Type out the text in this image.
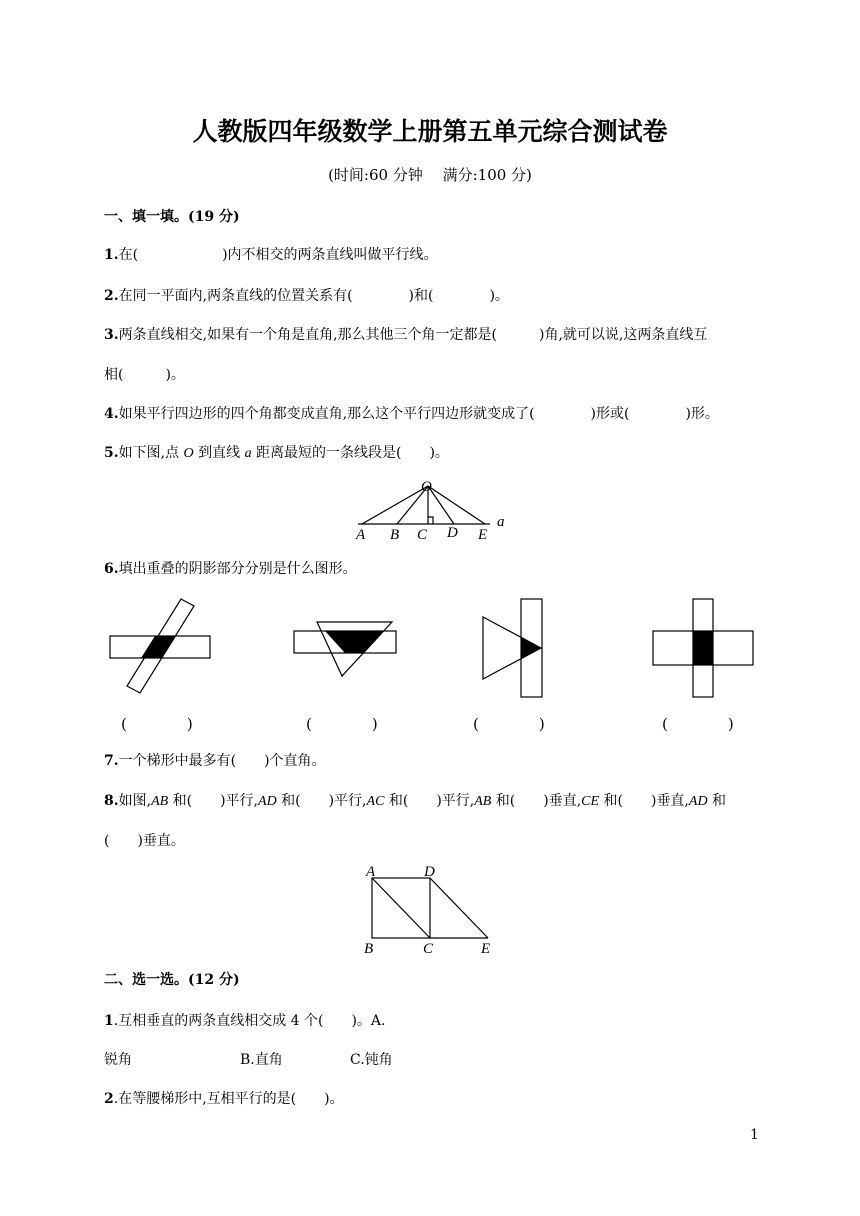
人教版四年级数学上册第五单元综合测试卷
(时间:60 分钟　 满分:100 分)
一、填一填。(19 分)
1.在(　　　　　　)内不相交的两条直线叫做平行线。
2.在同一平面内,两条直线的位置关系有(　　　　)和(　　　　)。
3.两条直线相交,如果有一个角是直角,那么其他三个角一定都是(　　　)角,就可以说,这两条直线互
相(　　　)。
4.如果平行四边形的四个角都变成直角,那么这个平行四边形就变成了(　　　　)形或(　　　　)形。
5.如下图,点 O 到直线 a 距离最短的一条线段是(　　)。
O
A B C D E
a
6.填出重叠的阴影部分分别是什么图形。
(　　　　)	(　　　　)	(　　　　)	(　　　　)
7.一个梯形中最多有(　　)个直角。
8.如图,AB 和(　　)平行,AD 和(　　)平行,AC 和(　　)平行,AB 和(　　)垂直,CE 和(　　)垂直,AD 和
(　　)垂直。
A	D
B	C	E
二、选一选。(12 分)
1.互相垂直的两条直线相交成 4 个(　　)。A.
锐角	B.直角	C.钝角
2.在等腰梯形中,互相平行的是(　　)。
1
